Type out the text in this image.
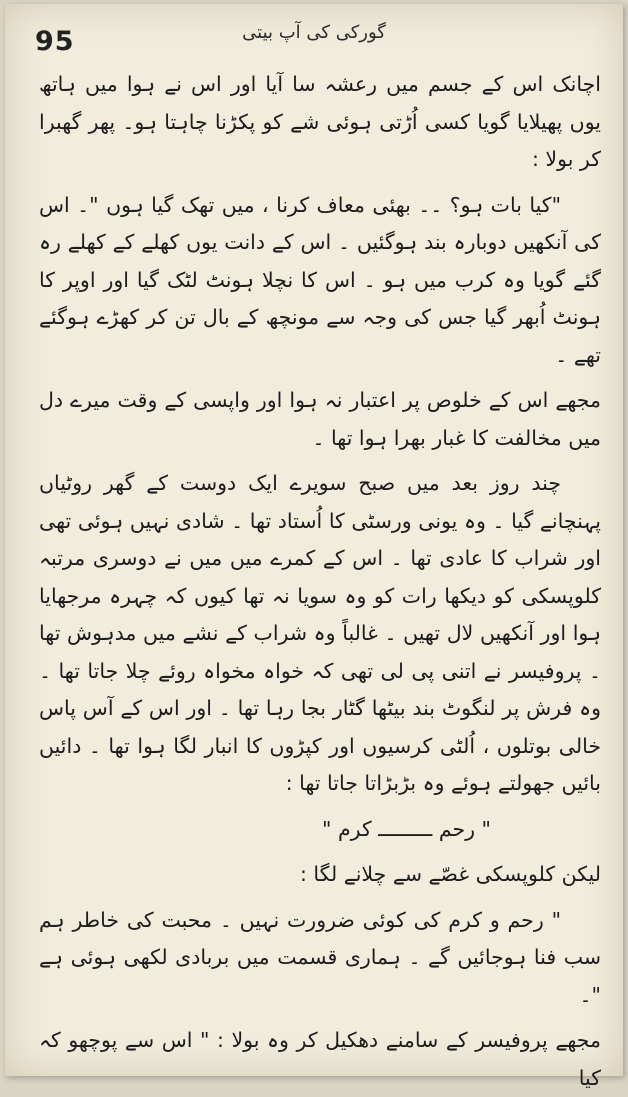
95	گورکی کی آپ بیتی

اچانک اس کے جسم میں رعشہ سا آیا اور اس نے ہوا میں ہاتھ یوں پھیلایا گویا کسی اُڑتی ہوئی شے کو پکڑنا چاہتا ہو۔ پھر گھبرا کر بولا :

"کیا بات ہو؟ ۔۔ بھئی معاف کرنا ، میں تھک گیا ہوں "۔ اس کی آنکھیں دوبارہ بند ہوگئیں ۔ اس کے دانت یوں کھلے کے کھلے رہ گئے گویا وہ کرب میں ہو ۔ اس کا نچلا ہونٹ لٹک گیا اور اوپر کا ہونٹ اُبھر گیا جس کی وجہ سے مونچھ کے بال تن کر کھڑے ہوگئے تھے ۔

مجھے اس کے خلوص پر اعتبار نہ ہوا اور واپسی کے وقت میرے دل میں مخالفت کا غبار بھرا ہوا تھا ۔

چند روز بعد میں صبح سویرے ایک دوست کے گھر روٹیاں پہنچانے گیا ۔ وہ یونی ورسٹی کا اُستاد تھا ۔ شادی نہیں ہوئی تھی اور شراب کا عادی تھا ۔ اس کے کمرے میں میں نے دوسری مرتبہ کلوپسکی کو دیکھا رات کو وہ سویا نہ تھا کیوں کہ چہرہ مرجھایا ہوا اور آنکھیں لال تھیں ۔ غالباً وہ شراب کے نشے میں مدہوش تھا ۔ پروفیسر نے اتنی پی لی تھی کہ خواہ مخواہ روئے چلا جاتا تھا ۔ وہ فرش پر لنگوٹ بند بیٹھا گٹار بجا رہا تھا ۔ اور اس کے آس پاس خالی بوتلوں ، اُلٹی کرسیوں اور کپڑوں کا انبار لگا ہوا تھا ۔ دائیں بائیں جھولتے ہوئے وہ بڑبڑاتا جاتا تھا :

" رحم ـــــــــ کرم "

لیکن کلوپسکی غصّے سے چلانے لگا :

" رحم و کرم کی کوئی ضرورت نہیں ۔ محبت کی خاطر ہم سب فنا ہوجائیں گے ۔ ہماری قسمت میں بربادی لکھی ہوئی ہے "۔

مجھے پروفیسر کے سامنے دھکیل کر وہ بولا : " اس سے پوچھو کہ کیا
